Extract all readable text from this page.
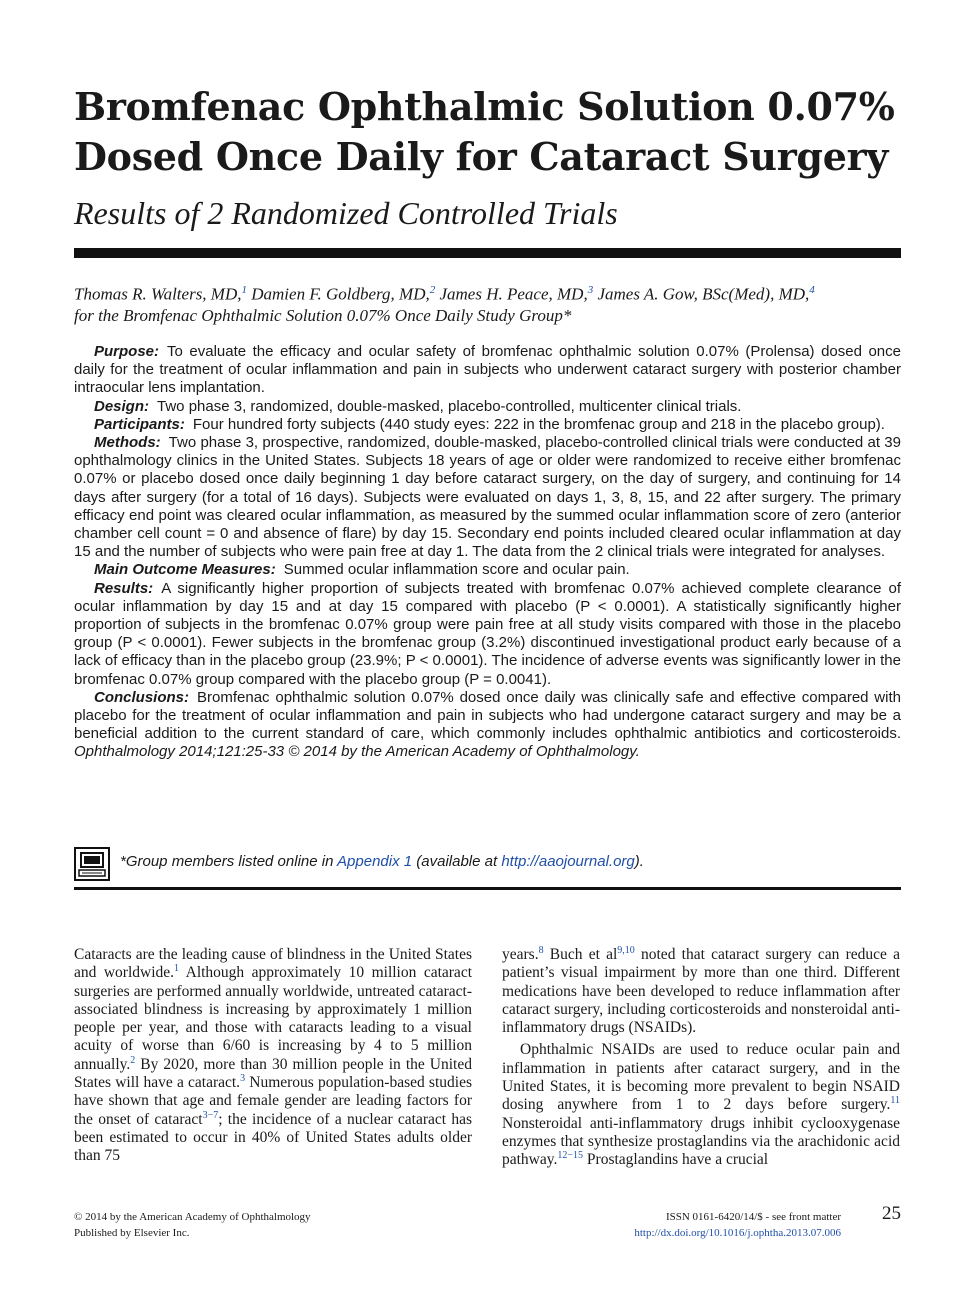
Bromfenac Ophthalmic Solution 0.07%
Dosed Once Daily for Cataract Surgery
Results of 2 Randomized Controlled Trials
Thomas R. Walters, MD,$^1$ Damien F. Goldberg, MD,$^2$ James H. Peace, MD,$^3$ James A. Gow, BSc(Med), MD,$^4$
for the Bromfenac Ophthalmic Solution 0.07% Once Daily Study Group*

Purpose: To evaluate the efficacy and ocular safety of bromfenac ophthalmic solution 0.07% (Prolensa) dosed once daily for the treatment of ocular inflammation and pain in subjects who underwent cataract surgery with posterior chamber intraocular lens implantation.

Design: Two phase 3, randomized, double-masked, placebo-controlled, multicenter clinical trials.

Participants: Four hundred forty subjects (440 study eyes: 222 in the bromfenac group and 218 in the placebo group).

Methods: Two phase 3, prospective, randomized, double-masked, placebo-controlled clinical trials were conducted at 39 ophthalmology clinics in the United States. Subjects 18 years of age or older were randomized to receive either bromfenac 0.07% or placebo dosed once daily beginning 1 day before cataract surgery, on the day of surgery, and continuing for 14 days after surgery (for a total of 16 days). Subjects were evaluated on days 1, 3, 8, 15, and 22 after surgery. The primary efficacy end point was cleared ocular inflammation, as measured by the summed ocular inflammation score of zero (anterior chamber cell count = 0 and absence of flare) by day 15. Secondary end points included cleared ocular inflammation at day 15 and the number of subjects who were pain free at day 1. The data from the 2 clinical trials were integrated for analyses.

Main Outcome Measures: Summed ocular inflammation score and ocular pain.

Results: A significantly higher proportion of subjects treated with bromfenac 0.07% achieved complete clearance of ocular inflammation by day 15 and at day 15 compared with placebo (P < 0.0001). A statistically significantly higher proportion of subjects in the bromfenac 0.07% group were pain free at all study visits compared with those in the placebo group (P < 0.0001). Fewer subjects in the bromfenac group (3.2%) discontinued investigational product early because of a lack of efficacy than in the placebo group (23.9%; P < 0.0001). The incidence of adverse events was significantly lower in the bromfenac 0.07% group compared with the placebo group (P = 0.0041).

Conclusions: Bromfenac ophthalmic solution 0.07% dosed once daily was clinically safe and effective compared with placebo for the treatment of ocular inflammation and pain in subjects who had undergone cataract surgery and may be a beneficial addition to the current standard of care, which commonly includes ophthalmic antibiotics and corticosteroids. Ophthalmology 2014;121:25-33 © 2014 by the American Academy of Ophthalmology.

*Group members listed online in Appendix 1 (available at http://aaojournal.org).

Cataracts are the leading cause of blindness in the United States and worldwide.$^1$ Although approximately 10 million cataract surgeries are performed annually worldwide, untreated cataract-associated blindness is increasing by approximately 1 million people per year, and those with cataracts leading to a visual acuity of worse than 6/60 is increasing by 4 to 5 million annually.$^2$ By 2020, more than 30 million people in the United States will have a cataract.$^3$ Numerous population-based studies have shown that age and female gender are leading factors for the onset of cataract$^{3-7}$; the incidence of a nuclear cataract has been estimated to occur in 40% of United States adults older than 75

years.$^8$ Buch et al$^{9,10}$ noted that cataract surgery can reduce a patient’s visual impairment by more than one third. Different medications have been developed to reduce inflammation after cataract surgery, including corticosteroids and nonsteroidal anti-inflammatory drugs (NSAIDs).

Ophthalmic NSAIDs are used to reduce ocular pain and inflammation in patients after cataract surgery, and in the United States, it is becoming more prevalent to begin NSAID dosing anywhere from 1 to 2 days before surgery.$^{11}$ Nonsteroidal anti-inflammatory drugs inhibit cyclooxygenase enzymes that synthesize prostaglandins via the arachidonic acid pathway.$^{12-15}$ Prostaglandins have a crucial

© 2014 by the American Academy of Ophthalmology
Published by Elsevier Inc.
ISSN 0161-6420/14/$ - see front matter
http://dx.doi.org/10.1016/j.ophtha.2013.07.006
25
